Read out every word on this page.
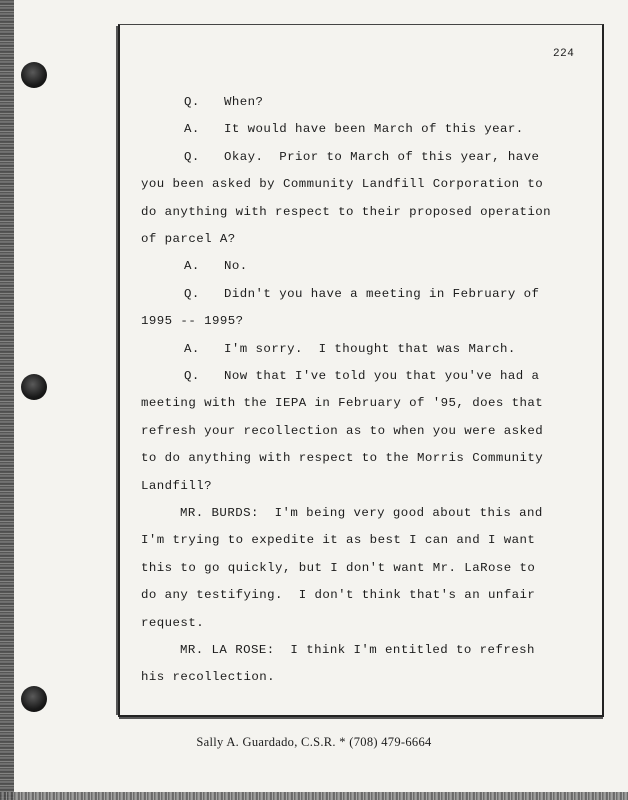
224
Q. When?
A. It would have been March of this year.
Q. Okay.  Prior to March of this year, have
you been asked by Community Landfill Corporation to
do anything with respect to their proposed operation
of parcel A?
A. No.
Q. Didn't you have a meeting in February of
1995 -- 1995?
A. I'm sorry.  I thought that was March.
Q. Now that I've told you that you've had a
meeting with the IEPA in February of '95, does that
refresh your recollection as to when you were asked
to do anything with respect to the Morris Community
Landfill?
MR. BURDS: I'm being very good about this and
I'm trying to expedite it as best I can and I want
this to go quickly, but I don't want Mr. LaRose to
do any testifying.  I don't think that's an unfair
request.
MR. LA ROSE: I think I'm entitled to refresh
his recollection.
Sally A. Guardado, C.S.R. * (708) 479-6664
